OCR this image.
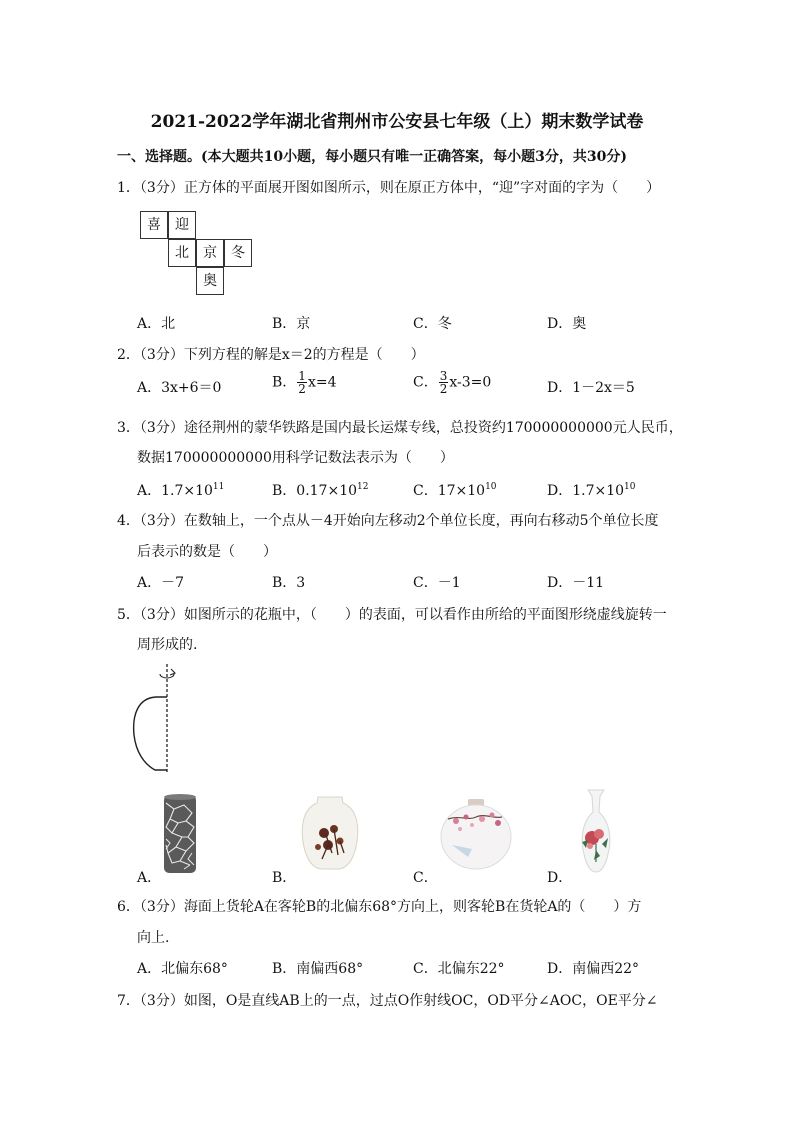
2021-2022学年湖北省荆州市公安县七年级（上）期末数学试卷
一、选择题。(本大题共10小题，每小题只有唯一正确答案，每小题3分，共30分)
1．（3分）正方体的平面展开图如图所示，则在原正方体中，“迎”字对面的字为（　　）
喜	迎
北	京	冬
奥
A．北	B．京	C．冬	D．奥
2．（3分）下列方程的解是x＝2的方程是（　　）
A．3x+6＝0	B． $\frac{1}{2} x=4$	C． $\frac{3}{2} x-3=0$	D．1－2x＝5
3．（3分）途径荆州的蒙华铁路是国内最长运煤专线，总投资约170000000000元人民币，
数据170000000000用科学记数法表示为（　　）
A．$1.7\times 10^{11}$	B．$0.17\times 10^{12}$	C．$17\times 10^{10}$	D．$1.7\times 10^{10}$
4．（3分）在数轴上，一个点从－4开始向左移动2个单位长度，再向右移动5个单位长度
后表示的数是（　　）
A．－7	B．3	C．－1	D．－11
5．（3分）如图所示的花瓶中，（　　）的表面，可以看作由所给的平面图形绕虚线旋转一
周形成的.
A．	B．	C．	D．
6．（3分）海面上货轮A在客轮B的北偏东68°方向上，则客轮B在货轮A的（　　）方
向上.
A．北偏东68°	B．南偏西68°	C．北偏东22°	D．南偏西22°
7．（3分）如图，O是直线AB上的一点，过点O作射线OC，OD平分∠AOC，OE平分∠
